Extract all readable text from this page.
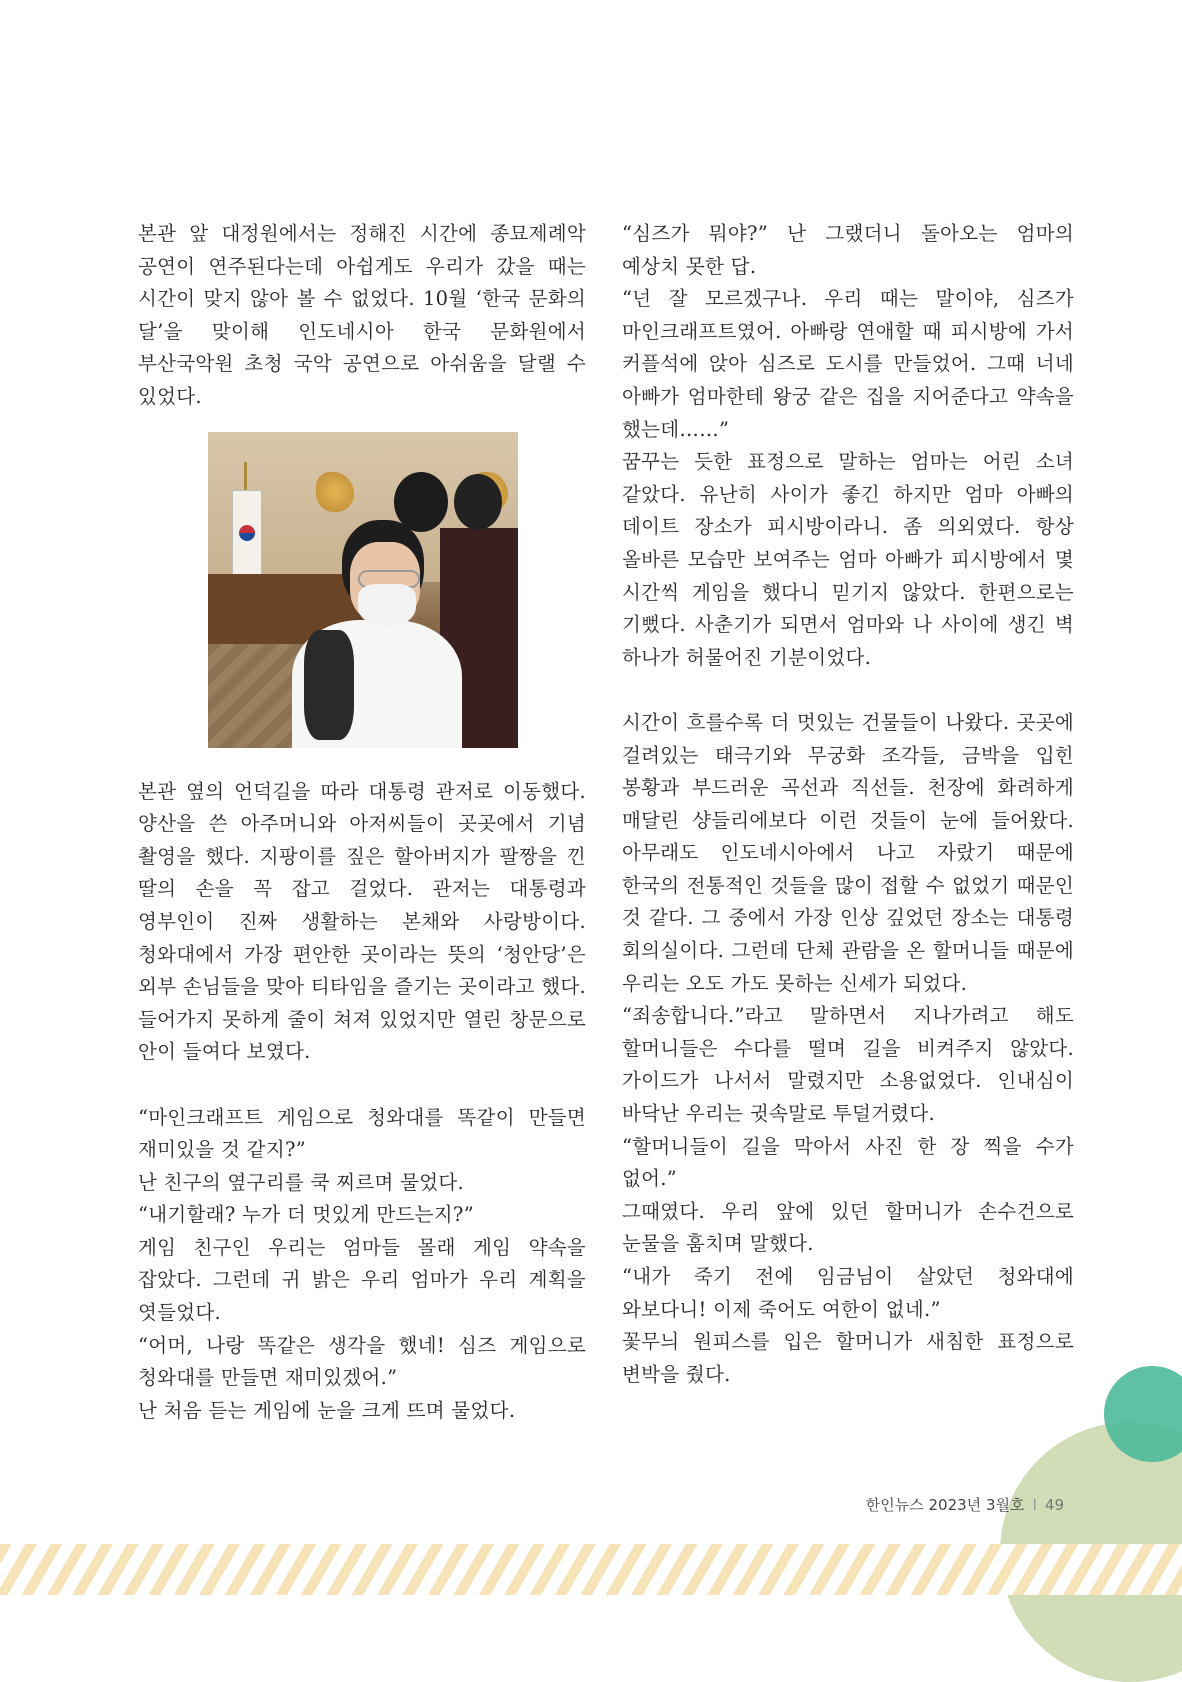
본관 앞 대정원에서는 정해진 시간에 종묘제례악 공연이 연주된다는데 아쉽게도 우리가 갔을 때는 시간이 맞지 않아 볼 수 없었다. 10월 ‘한국 문화의 달’을 맞이해 인도네시아 한국 문화원에서 부산국악원 초청 국악 공연으로 아쉬움을 달랠 수 있었다.

본관 옆의 언덕길을 따라 대통령 관저로 이동했다. 양산을 쓴 아주머니와 아저씨들이 곳곳에서 기념 촬영을 했다. 지팡이를 짚은 할아버지가 팔짱을 낀 딸의 손을 꼭 잡고 걸었다. 관저는 대통령과 영부인이 진짜 생활하는 본채와 사랑방이다. 청와대에서 가장 편안한 곳이라는 뜻의 ‘청안당’은 외부 손님들을 맞아 티타임을 즐기는 곳이라고 했다. 들어가지 못하게 줄이 쳐져 있었지만 열린 창문으로 안이 들여다 보였다.

“마인크래프트 게임으로 청와대를 똑같이 만들면 재미있을 것 같지?”

난 친구의 옆구리를 쿡 찌르며 물었다.

“내기할래? 누가 더 멋있게 만드는지?”

게임 친구인 우리는 엄마들 몰래 게임 약속을 잡았다. 그런데 귀 밝은 우리 엄마가 우리 계획을 엿들었다.

“어머, 나랑 똑같은 생각을 했네! 심즈 게임으로 청와대를 만들면 재미있겠어.”

난 처음 듣는 게임에 눈을 크게 뜨며 물었다.

“심즈가 뭐야?” 난 그랬더니 돌아오는 엄마의 예상치 못한 답.

“넌 잘 모르겠구나. 우리 때는 말이야, 심즈가 마인크래프트였어. 아빠랑 연애할 때 피시방에 가서 커플석에 앉아 심즈로 도시를 만들었어. 그때 너네 아빠가 엄마한테 왕궁 같은 집을 지어준다고 약속을 했는데……”

꿈꾸는 듯한 표정으로 말하는 엄마는 어린 소녀 같았다. 유난히 사이가 좋긴 하지만 엄마 아빠의 데이트 장소가 피시방이라니. 좀 의외였다. 항상 올바른 모습만 보여주는 엄마 아빠가 피시방에서 몇 시간씩 게임을 했다니 믿기지 않았다. 한편으로는 기뻤다. 사춘기가 되면서 엄마와 나 사이에 생긴 벽 하나가 허물어진 기분이었다.

시간이 흐를수록 더 멋있는 건물들이 나왔다. 곳곳에 걸려있는 태극기와 무궁화 조각들, 금박을 입힌 봉황과 부드러운 곡선과 직선들. 천장에 화려하게 매달린 샹들리에보다 이런 것들이 눈에 들어왔다. 아무래도 인도네시아에서 나고 자랐기 때문에 한국의 전통적인 것들을 많이 접할 수 없었기 때문인 것 같다. 그 중에서 가장 인상 깊었던 장소는 대통령 회의실이다. 그런데 단체 관람을 온 할머니들 때문에 우리는 오도 가도 못하는 신세가 되었다.

“죄송합니다.”라고 말하면서 지나가려고 해도 할머니들은 수다를 떨며 길을 비켜주지 않았다. 가이드가 나서서 말렸지만 소용없었다. 인내심이 바닥난 우리는 귓속말로 투덜거렸다.

“할머니들이 길을 막아서 사진 한 장 찍을 수가 없어.”

그때였다. 우리 앞에 있던 할머니가 손수건으로 눈물을 훔치며 말했다.

“내가 죽기 전에 임금님이 살았던 청와대에 와보다니! 이제 죽어도 여한이 없네.”

꽃무늬 원피스를 입은 할머니가 새침한 표정으로 변박을 줬다.

한인뉴스 2023년 3월호 I 49
